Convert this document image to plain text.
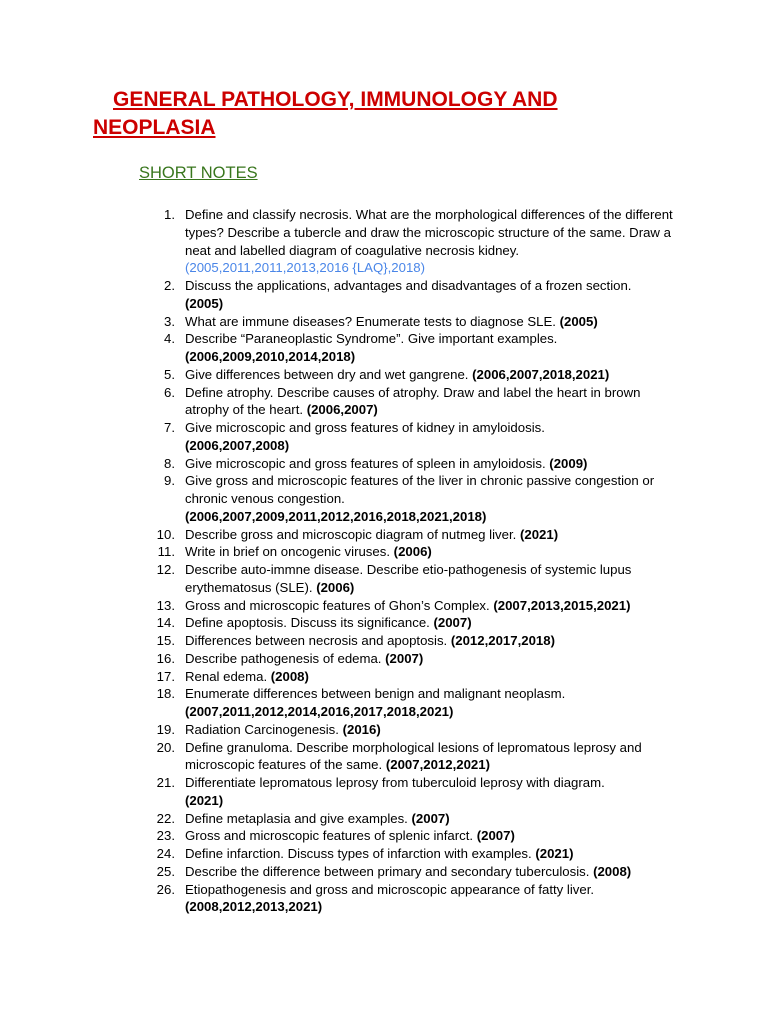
GENERAL PATHOLOGY, IMMUNOLOGY AND NEOPLASIA
SHORT NOTES
1. Define and classify necrosis. What are the morphological differences of the different types? Describe a tubercle and draw the microscopic structure of the same. Draw a neat and labelled diagram of coagulative necrosis kidney.
(2005,2011,2011,2013,2016 {LAQ},2018)
2. Discuss the applications, advantages and disadvantages of a frozen section.
(2005)
3. What are immune diseases? Enumerate tests to diagnose SLE. (2005)
4. Describe “Paraneoplastic Syndrome”. Give important examples.
(2006,2009,2010,2014,2018)
5. Give differences between dry and wet gangrene. (2006,2007,2018,2021)
6. Define atrophy. Describe causes of atrophy. Draw and label the heart in brown atrophy of the heart. (2006,2007)
7. Give microscopic and gross features of kidney in amyloidosis.
(2006,2007,2008)
8. Give microscopic and gross features of spleen in amyloidosis. (2009)
9. Give gross and microscopic features of the liver in chronic passive congestion or chronic venous congestion.
(2006,2007,2009,2011,2012,2016,2018,2021,2018)
10. Describe gross and microscopic diagram of nutmeg liver. (2021)
11. Write in brief on oncogenic viruses. (2006)
12. Describe auto-immne disease. Describe etio-pathogenesis of systemic lupus erythematosus (SLE). (2006)
13. Gross and microscopic features of Ghon’s Complex. (2007,2013,2015,2021)
14. Define apoptosis. Discuss its significance. (2007)
15. Differences between necrosis and apoptosis. (2012,2017,2018)
16. Describe pathogenesis of edema. (2007)
17. Renal edema. (2008)
18. Enumerate differences between benign and malignant neoplasm.
(2007,2011,2012,2014,2016,2017,2018,2021)
19. Radiation Carcinogenesis. (2016)
20. Define granuloma. Describe morphological lesions of lepromatous leprosy and microscopic features of the same. (2007,2012,2021)
21. Differentiate lepromatous leprosy from tuberculoid leprosy with diagram.
(2021)
22. Define metaplasia and give examples. (2007)
23. Gross and microscopic features of splenic infarct. (2007)
24. Define infarction. Discuss types of infarction with examples. (2021)
25. Describe the difference between primary and secondary tuberculosis. (2008)
26. Etiopathogenesis and gross and microscopic appearance of fatty liver.
(2008,2012,2013,2021)
